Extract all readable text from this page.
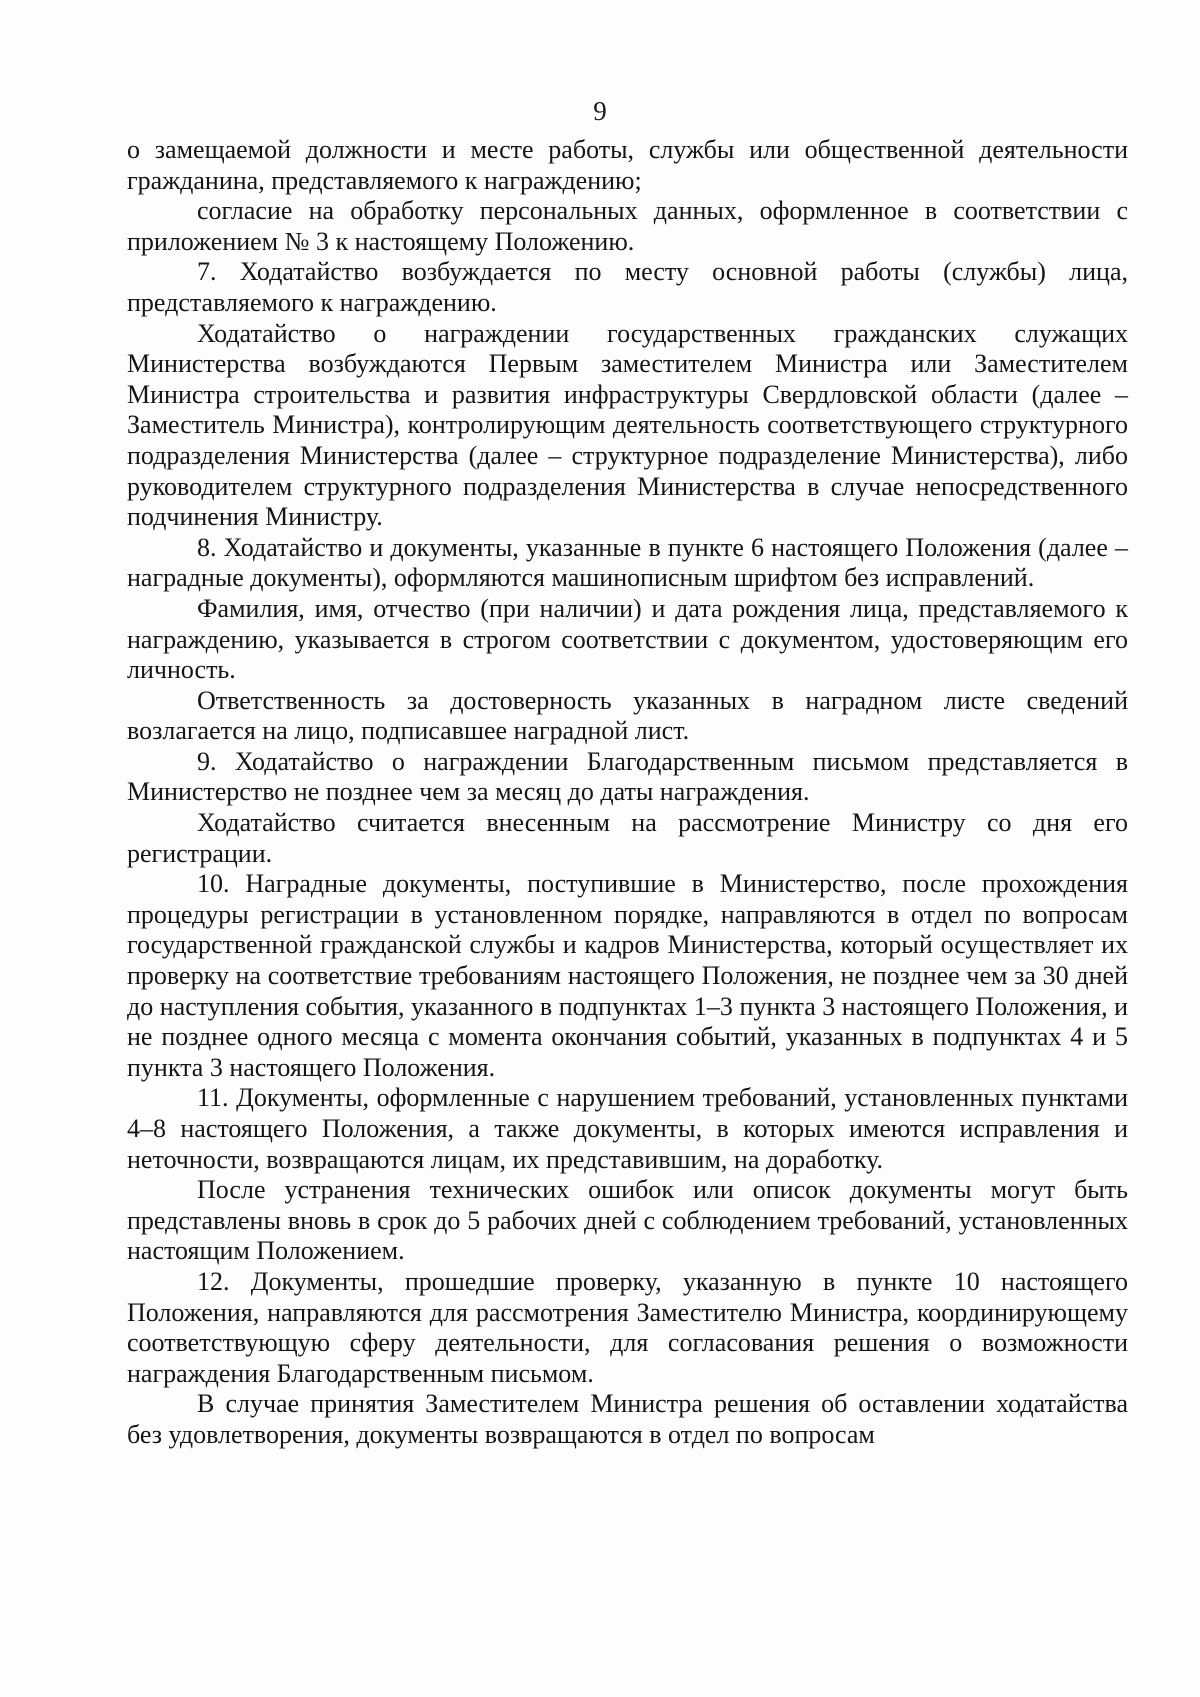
9

о замещаемой должности и месте работы, службы или общественной деятельности гражданина, представляемого к награждению;

согласие на обработку персональных данных, оформленное в соответствии с приложением № 3 к настоящему Положению.

7. Ходатайство возбуждается по месту основной работы (службы) лица, представляемого к награждению.

Ходатайство о награждении государственных гражданских служащих Министерства возбуждаются Первым заместителем Министра или Заместителем Министра строительства и развития инфраструктуры Свердловской области (далее – Заместитель Министра), контролирующим деятельность соответствующего структурного подразделения Министерства (далее – структурное подразделение Министерства), либо руководителем структурного подразделения Министерства в случае непосредственного подчинения Министру.

8. Ходатайство и документы, указанные в пункте 6 настоящего Положения (далее – наградные документы), оформляются машинописным шрифтом без исправлений.

Фамилия, имя, отчество (при наличии) и дата рождения лица, представляемого к награждению, указывается в строгом соответствии с документом, удостоверяющим его личность.

Ответственность за достоверность указанных в наградном листе сведений возлагается на лицо, подписавшее наградной лист.

9. Ходатайство о награждении Благодарственным письмом представляется в Министерство не позднее чем за месяц до даты награждения.

Ходатайство считается внесенным на рассмотрение Министру со дня его регистрации.

10. Наградные документы, поступившие в Министерство, после прохождения процедуры регистрации в установленном порядке, направляются в отдел по вопросам государственной гражданской службы и кадров Министерства, который осуществляет их проверку на соответствие требованиям настоящего Положения, не позднее чем за 30 дней до наступления события, указанного в подпунктах 1–3 пункта 3 настоящего Положения, и не позднее одного месяца с момента окончания событий, указанных в подпунктах 4 и 5 пункта 3 настоящего Положения.

11. Документы, оформленные с нарушением требований, установленных пунктами 4–8 настоящего Положения, а также документы, в которых имеются исправления и неточности, возвращаются лицам, их представившим, на доработку.

После устранения технических ошибок или описок документы могут быть представлены вновь в срок до 5 рабочих дней с соблюдением требований, установленных настоящим Положением.

12. Документы, прошедшие проверку, указанную в пункте 10 настоящего Положения, направляются для рассмотрения Заместителю Министра, координирующему соответствующую сферу деятельности, для согласования решения о возможности награждения Благодарственным письмом.

В случае принятия Заместителем Министра решения об оставлении ходатайства без удовлетворения, документы возвращаются в отдел по вопросам
